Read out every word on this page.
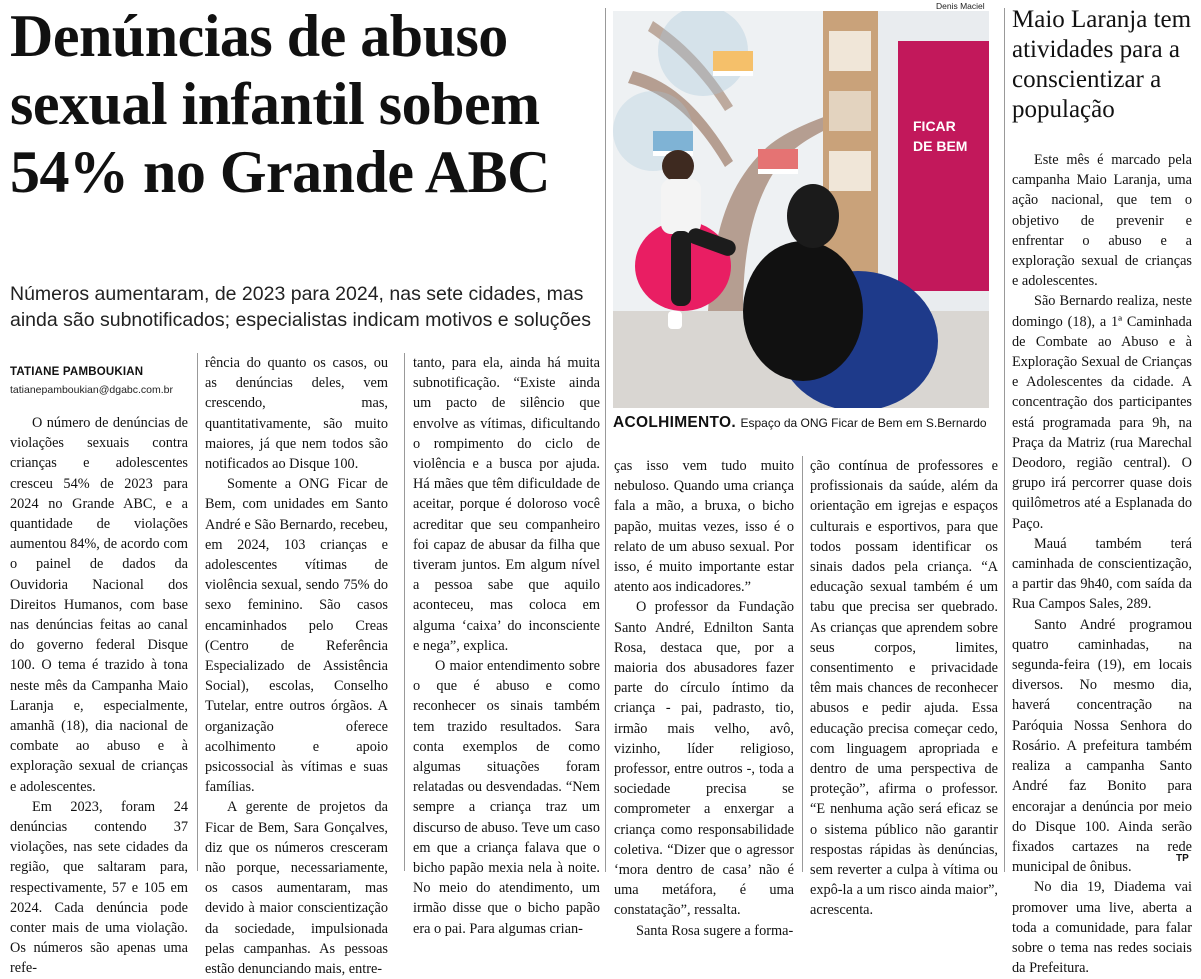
Denúncias de abuso sexual infantil sobem 54% no Grande ABC

Números aumentaram, de 2023 para 2024, nas sete cidades, mas ainda são subnotificados; especialistas indicam motivos e soluções

TATIANE PAMBOUKIAN
tatianepamboukian@dgabc.com.br

O número de denúncias de violações sexuais contra crianças e adolescentes cresceu 54% de 2023 para 2024 no Grande ABC, e a quantidade de violações aumentou 84%, de acordo com o painel de dados da Ouvidoria Nacional dos Direitos Humanos, com base nas denúncias feitas ao canal do governo federal Disque 100. O tema é trazido à tona neste mês da Campanha Maio Laranja e, especialmente, amanhã (18), dia nacional de combate ao abuso e à exploração sexual de crianças e adolescentes.

Em 2023, foram 24 denúncias contendo 37 violações, nas sete cidades da região, que saltaram para, respectivamente, 57 e 105 em 2024. Cada denúncia pode conter mais de uma violação. Os números são apenas uma refe-

rência do quanto os casos, ou as denúncias deles, vem crescendo, mas, quantitativamente, são muito maiores, já que nem todos são notificados ao Disque 100.

Somente a ONG Ficar de Bem, com unidades em Santo André e São Bernardo, recebeu, em 2024, 103 crianças e adolescentes vítimas de violência sexual, sendo 75% do sexo feminino. São casos encaminhados pelo Creas (Centro de Referência Especializado de Assistência Social), escolas, Conselho Tutelar, entre outros órgãos. A organização oferece acolhimento e apoio psicossocial às vítimas e suas famílias.

A gerente de projetos da Ficar de Bem, Sara Gonçalves, diz que os números cresceram não porque, necessariamente, os casos aumentaram, mas devido à maior conscientização da sociedade, impulsionada pelas campanhas. As pessoas estão denunciando mais, entre-

tanto, para ela, ainda há muita subnotificação. “Existe ainda um pacto de silêncio que envolve as vítimas, dificultando o rompimento do ciclo de violência e a busca por ajuda. Há mães que têm dificuldade de aceitar, porque é doloroso você acreditar que seu companheiro foi capaz de abusar da filha que tiveram juntos. Em algum nível a pessoa sabe que aquilo aconteceu, mas coloca em alguma ‘caixa’ do inconsciente e nega”, explica.

O maior entendimento sobre o que é abuso e como reconhecer os sinais também tem trazido resultados. Sara conta exemplos de como algumas situações foram relatadas ou desvendadas. “Nem sempre a criança traz um discurso de abuso. Teve um caso em que a criança falava que o bicho papão mexia nela à noite. No meio do atendimento, um irmão disse que o bicho papão era o pai. Para algumas crian-

Denis Maciel
FICAR
DE BEM
ACOLHIMENTO. Espaço da ONG Ficar de Bem em S.Bernardo

ças isso vem tudo muito nebuloso. Quando uma criança fala a mão, a bruxa, o bicho papão, muitas vezes, isso é o relato de um abuso sexual. Por isso, é muito importante estar atento aos indicadores.”

O professor da Fundação Santo André, Ednilton Santa Rosa, destaca que, por a maioria dos abusadores fazer parte do círculo íntimo da criança - pai, padrasto, tio, irmão mais velho, avô, vizinho, líder religioso, professor, entre outros -, toda a sociedade precisa se comprometer a enxergar a criança como responsabilidade coletiva. “Dizer que o agressor ‘mora dentro de casa’ não é uma metáfora, é uma constatação”, ressalta.

Santa Rosa sugere a forma-

ção contínua de professores e profissionais da saúde, além da orientação em igrejas e espaços culturais e esportivos, para que todos possam identificar os sinais dados pela criança. “A educação sexual também é um tabu que precisa ser quebrado. As crianças que aprendem sobre seus corpos, limites, consentimento e privacidade têm mais chances de reconhecer abusos e pedir ajuda. Essa educação precisa começar cedo, com linguagem apropriada e dentro de uma perspectiva de proteção”, afirma o professor. “E nenhuma ação será eficaz se o sistema público não garantir respostas rápidas às denúncias, sem reverter a culpa à vítima ou expô-la a um risco ainda maior”, acrescenta.

Maio Laranja tem atividades para a conscientizar a população

Este mês é marcado pela campanha Maio Laranja, uma ação nacional, que tem o objetivo de prevenir e enfrentar o abuso e a exploração sexual de crianças e adolescentes.

São Bernardo realiza, neste domingo (18), a 1ª Caminhada de Combate ao Abuso e à Exploração Sexual de Crianças e Adolescentes da cidade. A concentração dos participantes está programada para 9h, na Praça da Matriz (rua Marechal Deodoro, região central). O grupo irá percorrer quase dois quilômetros até a Esplanada do Paço.

Mauá também terá caminhada de conscientização, a partir das 9h40, com saída da Rua Campos Sales, 289.

Santo André programou quatro caminhadas, na segunda-feira (19), em locais diversos. No mesmo dia, haverá concentração na Paróquia Nossa Senhora do Rosário. A prefeitura também realiza a campanha Santo André faz Bonito para encorajar a denúncia por meio do Disque 100. Ainda serão fixados cartazes na rede municipal de ônibus.

No dia 19, Diadema vai promover uma live, aberta a toda a comunidade, para falar sobre o tema nas redes sociais da Prefeitura.

TP
